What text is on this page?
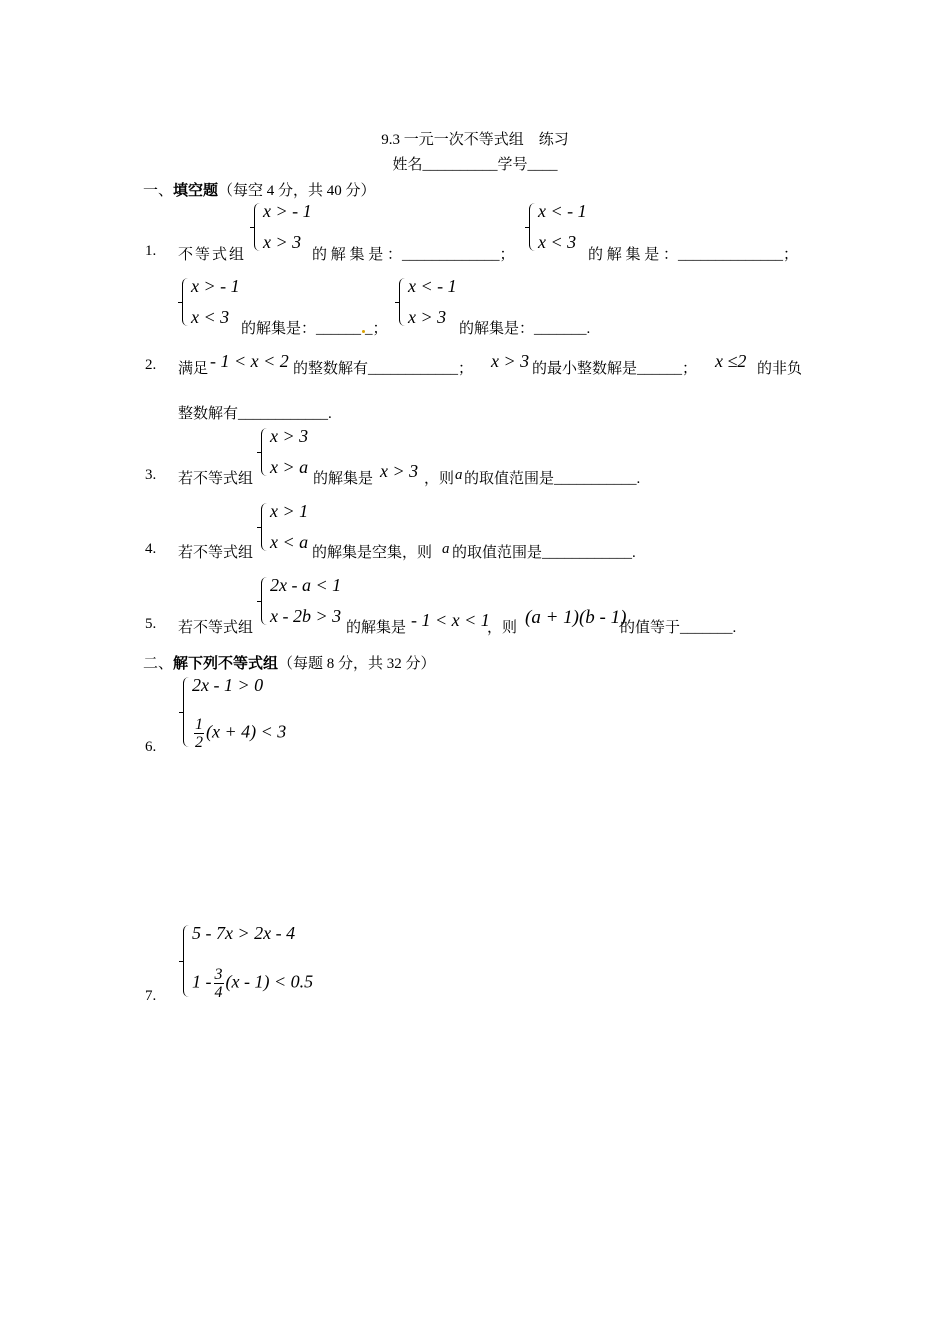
9.3 一元一次不等式组　练习
姓名__________学号____
一、填空题（每空 4 分，共 40 分）
1. 不等式组
x > - 1
x > 3
的 解 集 是 ：_____________；
x < - 1
x < 3
的 解 集 是 ：______________；
x > - 1
x < 3
的解集是：______ _；
x < - 1
x > 3
的解集是：_______.
2. 满足 - 1 < x < 2 的整数解有____________； x > 3 的最小整数解是______； x ≤2 的非负
整数解有____________.
3. 若不等式组
x > 3
x > a
的解集是 x > 3 ，则 a 的取值范围是___________.
4. 若不等式组
x > 1
x < a
的解集是空集，则 a 的取值范围是____________.
5. 若不等式组
2x - a < 1
x - 2b > 3
的解集是 - 1 < x < 1
，则 (a + 1)(b - 1)
的值等于_______.
二、解下列不等式组（每题 8 分，共 32 分）
6.
2x - 1 > 0
$\frac{1}{2} (x + 4) < 3$
7.
5 - 7x > 2x - 4
$1 - \frac{3}{4} (x - 1) < 0.5$
